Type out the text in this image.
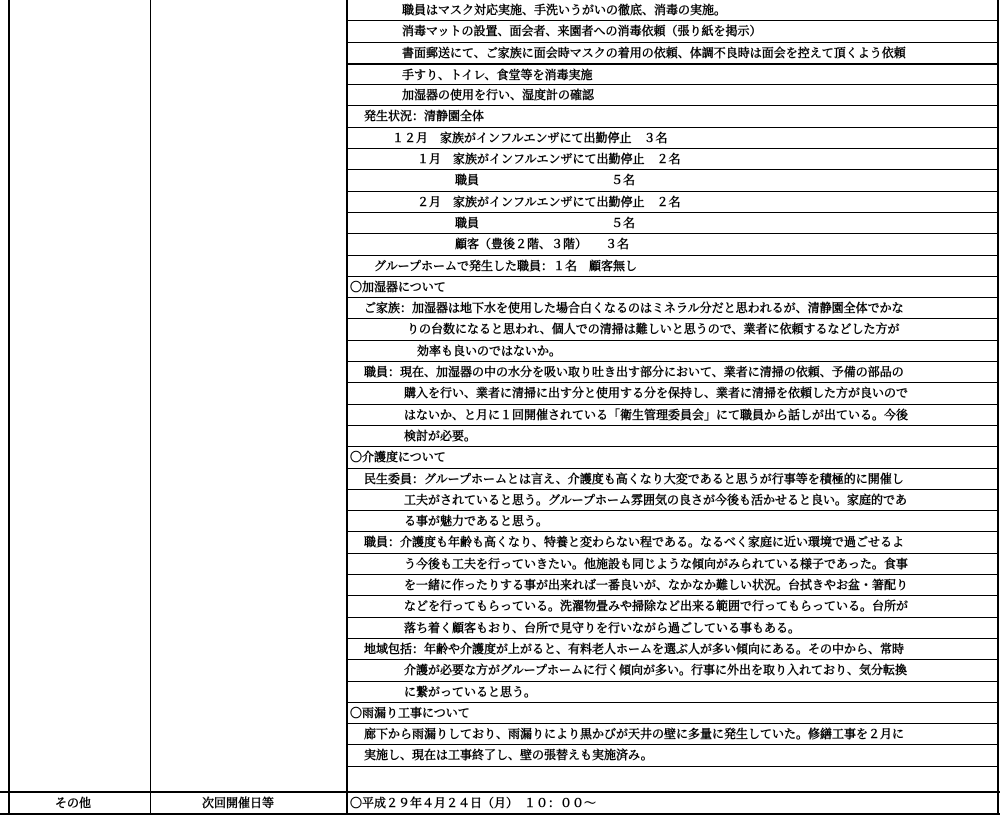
職員はマスク対応実施、手洗いうがいの徹底、消毒の実施。
消毒マットの設置、面会者、来園者への消毒依頼（張り紙を掲示）
書面郵送にて、ご家族に面会時マスクの着用の依頼、体調不良時は面会を控えて頂くよう依頼
手すり、トイレ、食堂等を消毒実施
加湿器の使用を行い、湿度計の確認
発生状況：清静園全体
１２月　家族がインフルエンザにて出勤停止　３名
１月　家族がインフルエンザにて出勤停止　２名
職員　　　　　　　　　　　５名
２月　家族がインフルエンザにて出勤停止　２名
職員　　　　　　　　　　　５名
顧客（豊後２階、３階）　　３名
グループホームで発生した職員：１名　顧客無し
〇加湿器について
ご家族：加湿器は地下水を使用した場合白くなるのはミネラル分だと思われるが、清静園全体でかな
りの台数になると思われ、個人での清掃は難しいと思うので、業者に依頼するなどした方が
効率も良いのではないか。
職員：現在、加湿器の中の水分を吸い取り吐き出す部分において、業者に清掃の依頼、予備の部品の
購入を行い、業者に清掃に出す分と使用する分を保持し、業者に清掃を依頼した方が良いので
はないか、と月に１回開催されている「衛生管理委員会」にて職員から話しが出ている。今後
検討が必要。
〇介護度について
民生委員：グループホームとは言え、介護度も高くなり大変であると思うが行事等を積極的に開催し
工夫がされていると思う。グループホーム雰囲気の良さが今後も活かせると良い。家庭的であ
る事が魅力であると思う。
職員：介護度も年齢も高くなり、特養と変わらない程である。なるべく家庭に近い環境で過ごせるよ
う今後も工夫を行っていきたい。他施設も同じような傾向がみられている様子であった。食事
を一緒に作ったりする事が出来れば一番良いが、なかなか難しい状況。台拭きやお盆・箸配り
などを行ってもらっている。洗濯物畳みや掃除など出来る範囲で行ってもらっている。台所が
落ち着く顧客もおり、台所で見守りを行いながら過ごしている事もある。
地域包括：年齢や介護度が上がると、有料老人ホームを選ぶ人が多い傾向にある。その中から、常時
介護が必要な方がグループホームに行く傾向が多い。行事に外出を取り入れており、気分転換
に繋がっていると思う。
〇雨漏り工事について
廊下から雨漏りしており、雨漏りにより黒かびが天井の壁に多量に発生していた。修繕工事を２月に
実施し、現在は工事終了し、壁の張替えも実施済み。
その他	次回開催日等	〇平成２９年４月２４日（月）　１０：００～
